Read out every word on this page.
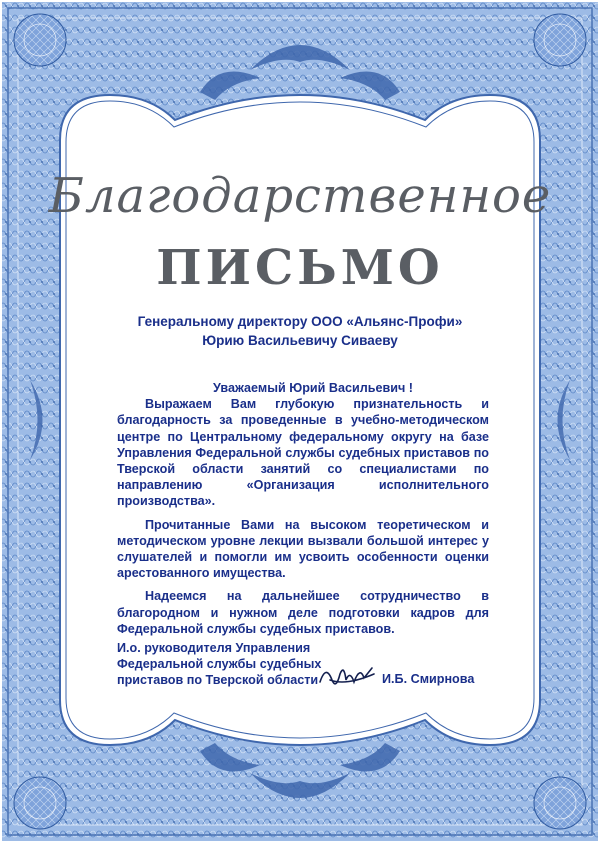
Благодарственное
ПИСЬМО
Генеральному директору ООО «Альянс-Профи»
Юрию Васильевичу Сиваеву
Уважаемый Юрий Васильевич !

Выражаем Вам глубокую признательность и благодарность за проведенные в учебно-методическом центре по Центральному федеральному округу на базе Управления Федеральной службы судебных приставов по Тверской области занятий со специалистами по направлению «Организация исполнительного производства».

Прочитанные Вами на высоком теоретическом и методическом уровне лекции вызвали большой интерес у слушателей и помогли им усвоить особенности оценки арестованного имущества.

Надеемся на дальнейшее сотрудничество в благородном и нужном деле подготовки кадров для Федеральной службы судебных приставов.

И.о. руководителя Управления
Федеральной службы судебных
приставов по Тверской области	И.Б. Смирнова
